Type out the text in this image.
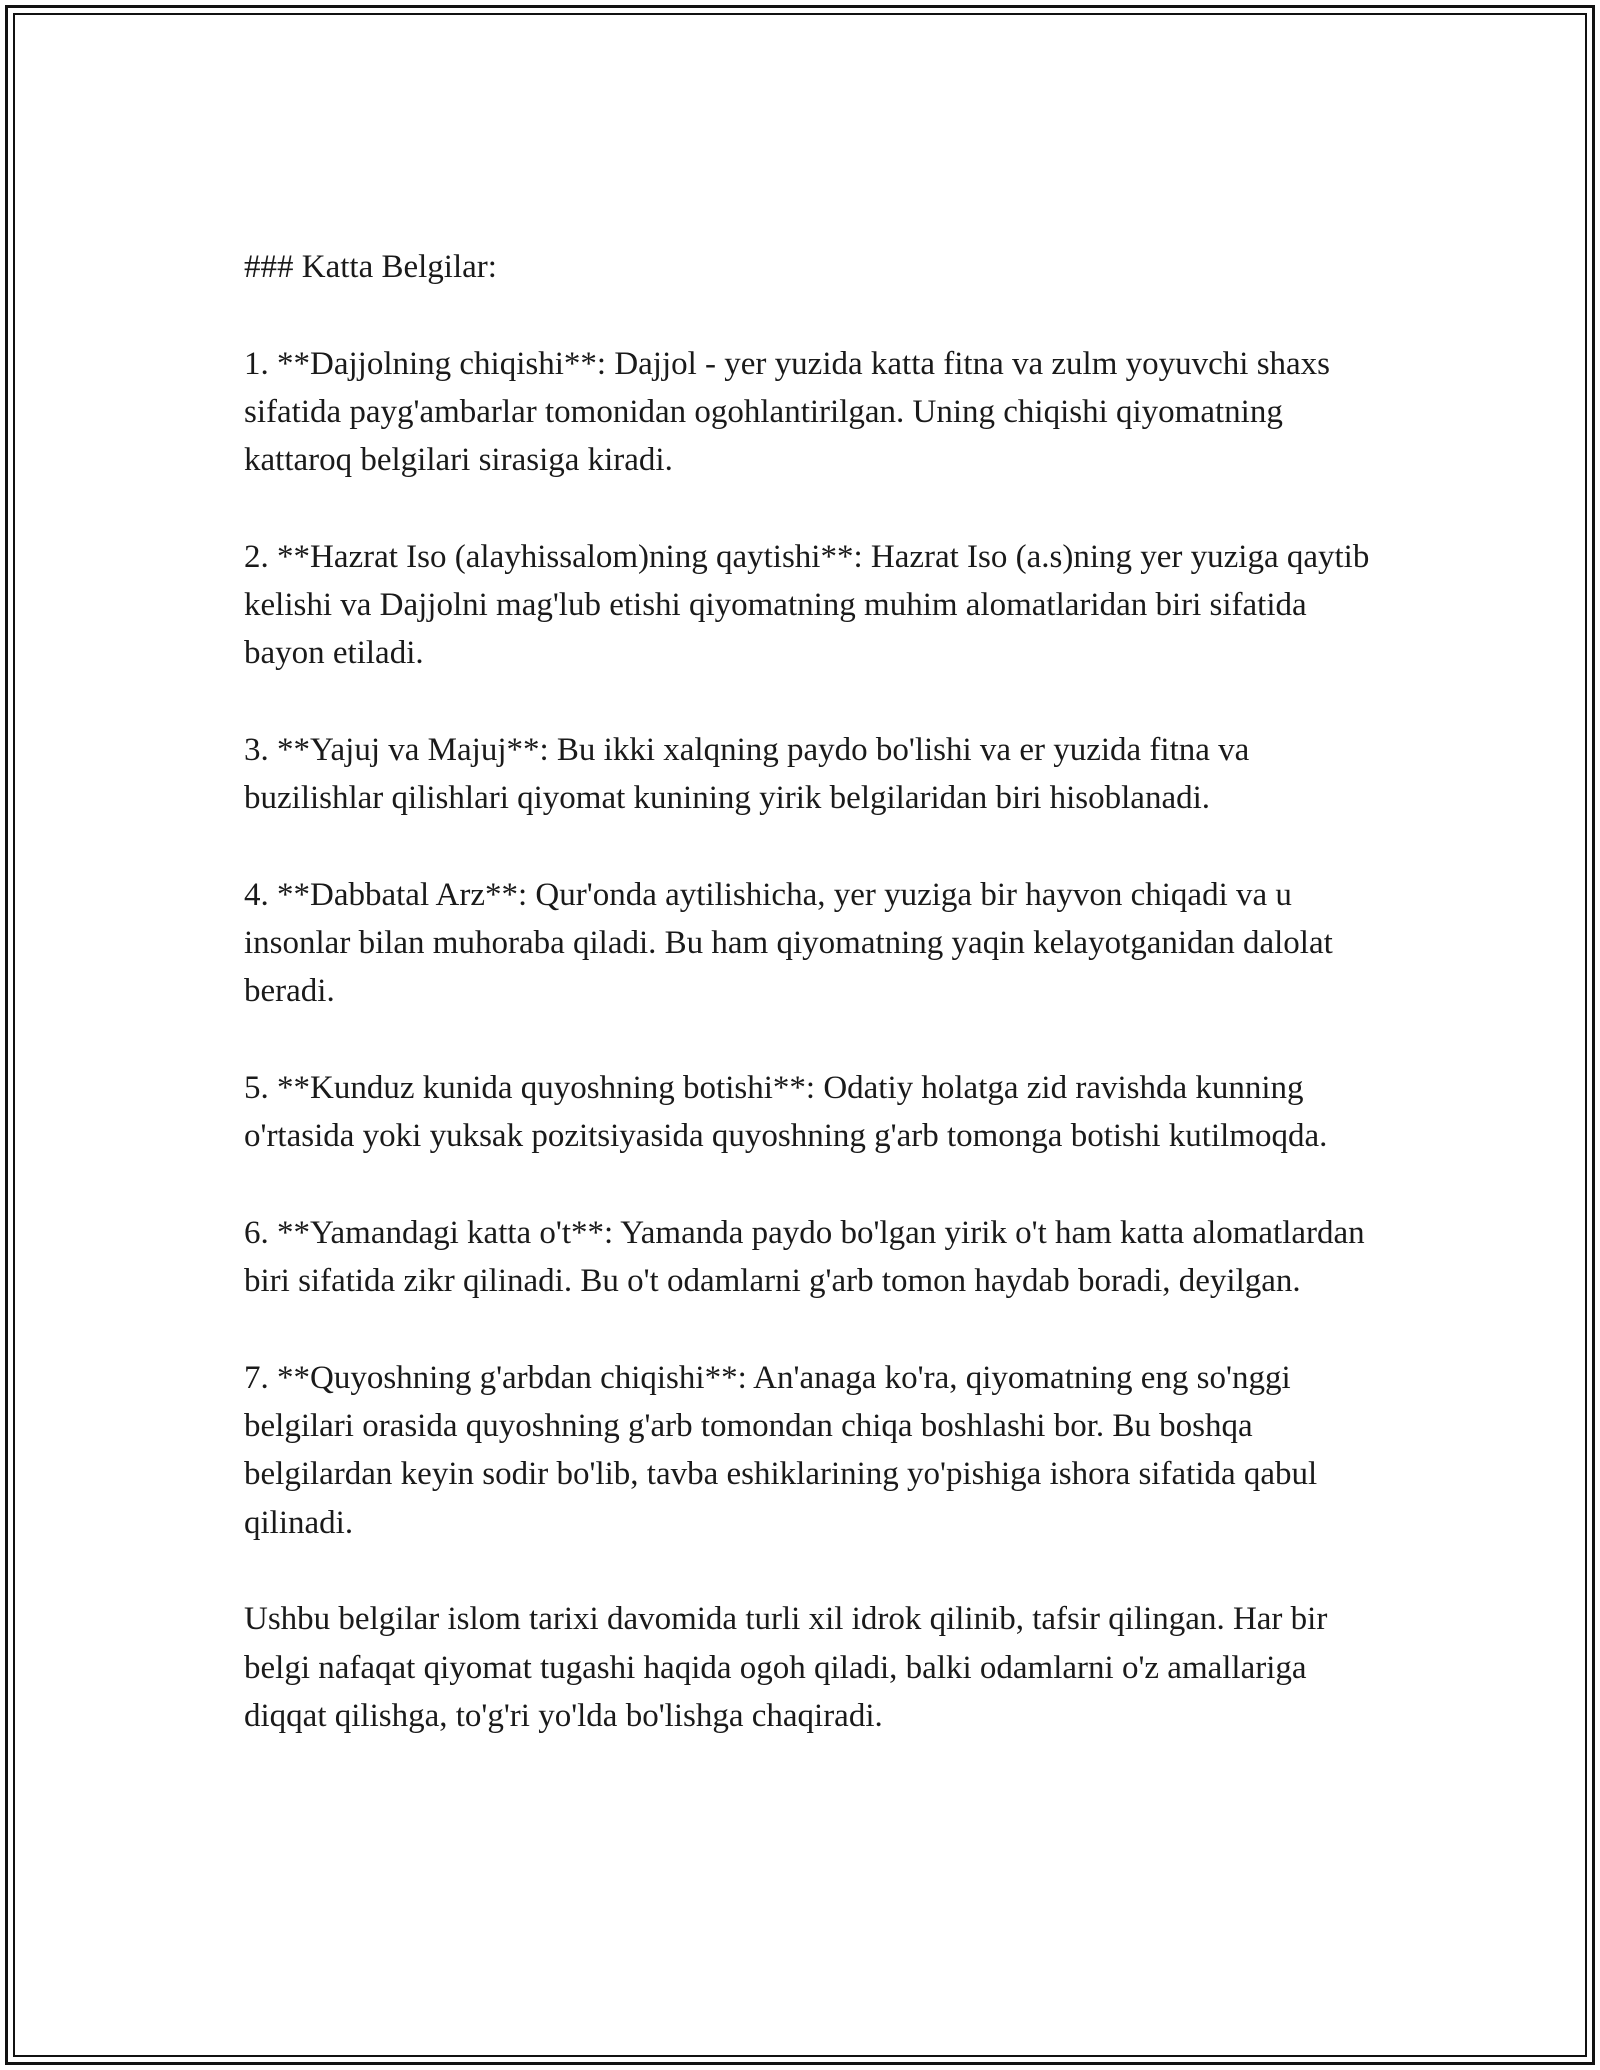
### Katta Belgilar:

1. **Dajjolning chiqishi**: Dajjol - yer yuzida katta fitna va zulm yoyuvchi shaxs sifatida payg'ambarlar tomonidan ogohlantirilgan. Uning chiqishi qiyomatning kattaroq belgilari sirasiga kiradi.

2. **Hazrat Iso (alayhissalom)ning qaytishi**: Hazrat Iso (a.s)ning yer yuziga qaytib kelishi va Dajjolni mag'lub etishi qiyomatning muhim alomatlaridan biri sifatida bayon etiladi.

3. **Yajuj va Majuj**: Bu ikki xalqning paydo bo'lishi va er yuzida fitna va buzilishlar qilishlari qiyomat kunining yirik belgilaridan biri hisoblanadi.

4. **Dabbatal Arz**: Qur'onda aytilishicha, yer yuziga bir hayvon chiqadi va u insonlar bilan muhoraba qiladi. Bu ham qiyomatning yaqin kelayotganidan dalolat beradi.

5. **Kunduz kunida quyoshning botishi**: Odatiy holatga zid ravishda kunning o'rtasida yoki yuksak pozitsiyasida quyoshning g'arb tomonga botishi kutilmoqda.

6. **Yamandagi katta o't**: Yamanda paydo bo'lgan yirik o't ham katta alomatlardan biri sifatida zikr qilinadi. Bu o't odamlarni g'arb tomon haydab boradi, deyilgan.

7. **Quyoshning g'arbdan chiqishi**: An'anaga ko'ra, qiyomatning eng so'nggi belgilari orasida quyoshning g'arb tomondan chiqa boshlashi bor. Bu boshqa belgilardan keyin sodir bo'lib, tavba eshiklarining yo'pishiga ishora sifatida qabul qilinadi.

Ushbu belgilar islom tarixi davomida turli xil idrok qilinib, tafsir qilingan. Har bir belgi nafaqat qiyomat tugashi haqida ogoh qiladi, balki odamlarni o'z amallariga diqqat qilishga, to'g'ri yo'lda bo'lishga chaqiradi.
